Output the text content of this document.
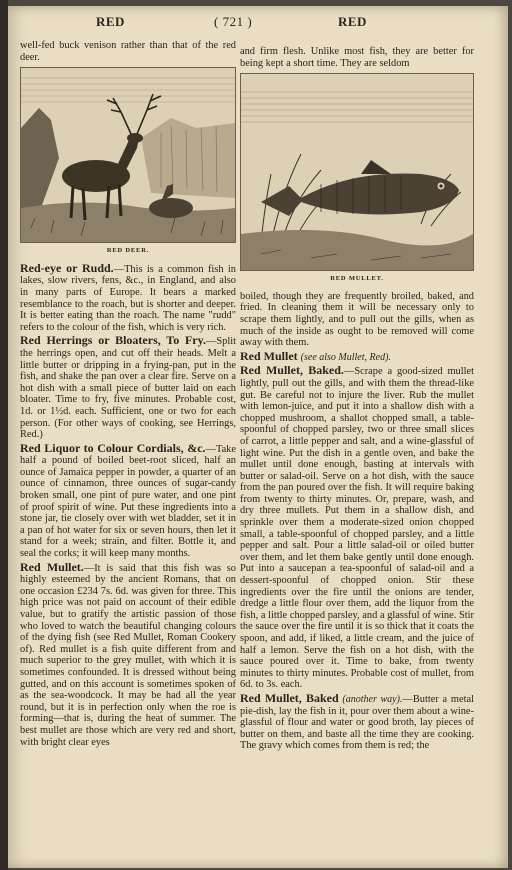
RED	( 721 )	RED

well-fed buck venison rather than that of the red deer.

RED DEER.

Red-eye or Rudd.—This is a common fish in lakes, slow rivers, fens, &c., in England, and also in many parts of Europe. It bears a marked resemblance to the roach, but is shorter and deeper. It is better eating than the roach. The name "rudd" refers to the colour of the fish, which is very rich.

Red Herrings or Bloaters, To Fry.—Split the herrings open, and cut off their heads. Melt a little butter or dripping in a frying-pan, put in the fish, and shake the pan over a clear fire. Serve on a hot dish with a small piece of butter laid on each bloater. Time to fry, five minutes. Probable cost, 1d. or 1½d. each. Sufficient, one or two for each person. (For other ways of cooking, see Herrings, Red.)

Red Liquor to Colour Cordials, &c.—Take half a pound of boiled beet-root sliced, half an ounce of Jamaica pepper in powder, a quarter of an ounce of cinnamon, three ounces of sugar-candy broken small, one pint of pure water, and one pint of proof spirit of wine. Put these ingredients into a stone jar, tie closely over with wet bladder, set it in a pan of hot water for six or seven hours, then let it stand for a week; strain, and filter. Bottle it, and seal the corks; it will keep many months.

Red Mullet.—It is said that this fish was so highly esteemed by the ancient Romans, that on one occasion £234 7s. 6d. was given for three. This high price was not paid on account of their edible value, but to gratify the artistic passion of those who loved to watch the beautiful changing colours of the dying fish (see Red Mullet, Roman Cookery of). Red mullet is a fish quite different from and much superior to the grey mullet, with which it is sometimes confounded. It is dressed without being gutted, and on this account is sometimes spoken of as the sea-woodcock. It may be had all the year round, but it is in perfection only when the roe is forming—that is, during the heat of summer. The best mullet are those which are very red and short, with bright clear eyes

and firm flesh. Unlike most fish, they are better for being kept a short time. They are seldom

RED MULLET.

boiled, though they are frequently broiled, baked, and fried. In cleaning them it will be necessary only to scrape them lightly, and to pull out the gills, when as much of the inside as ought to be removed will come away with them.

Red Mullet (see also Mullet, Red).

Red Mullet, Baked.—Scrape a good-sized mullet lightly, pull out the gills, and with them the thread-like gut. Be careful not to injure the liver. Rub the mullet with lemon-juice, and put it into a shallow dish with a chopped mushroom, a shallot chopped small, a table-spoonful of chopped parsley, two or three small slices of carrot, a little pepper and salt, and a wine-glassful of light wine. Put the dish in a gentle oven, and bake the mullet until done enough, basting at intervals with butter or salad-oil. Serve on a hot dish, with the sauce from the pan poured over the fish. It will require baking from twenty to thirty minutes. Or, prepare, wash, and dry three mullets. Put them in a shallow dish, and sprinkle over them a moderate-sized onion chopped small, a table-spoonful of chopped parsley, and a little pepper and salt. Pour a little salad-oil or oiled butter over them, and let them bake gently until done enough. Put into a saucepan a tea-spoonful of salad-oil and a dessert-spoonful of chopped onion. Stir these ingredients over the fire until the onions are tender, dredge a little flour over them, add the liquor from the fish, a little chopped parsley, and a glassful of wine. Stir the sauce over the fire until it is so thick that it coats the spoon, and add, if liked, a little cream, and the juice of half a lemon. Serve the fish on a hot dish, with the sauce poured over it. Time to bake, from twenty minutes to thirty minutes. Probable cost of mullet, from 6d. to 3s. each.

Red Mullet, Baked (another way).—Butter a metal pie-dish, lay the fish in it, pour over them about a wine-glassful of flour and water or good broth, lay pieces of butter on them, and baste all the time they are cooking. The gravy which comes from them is red; the
